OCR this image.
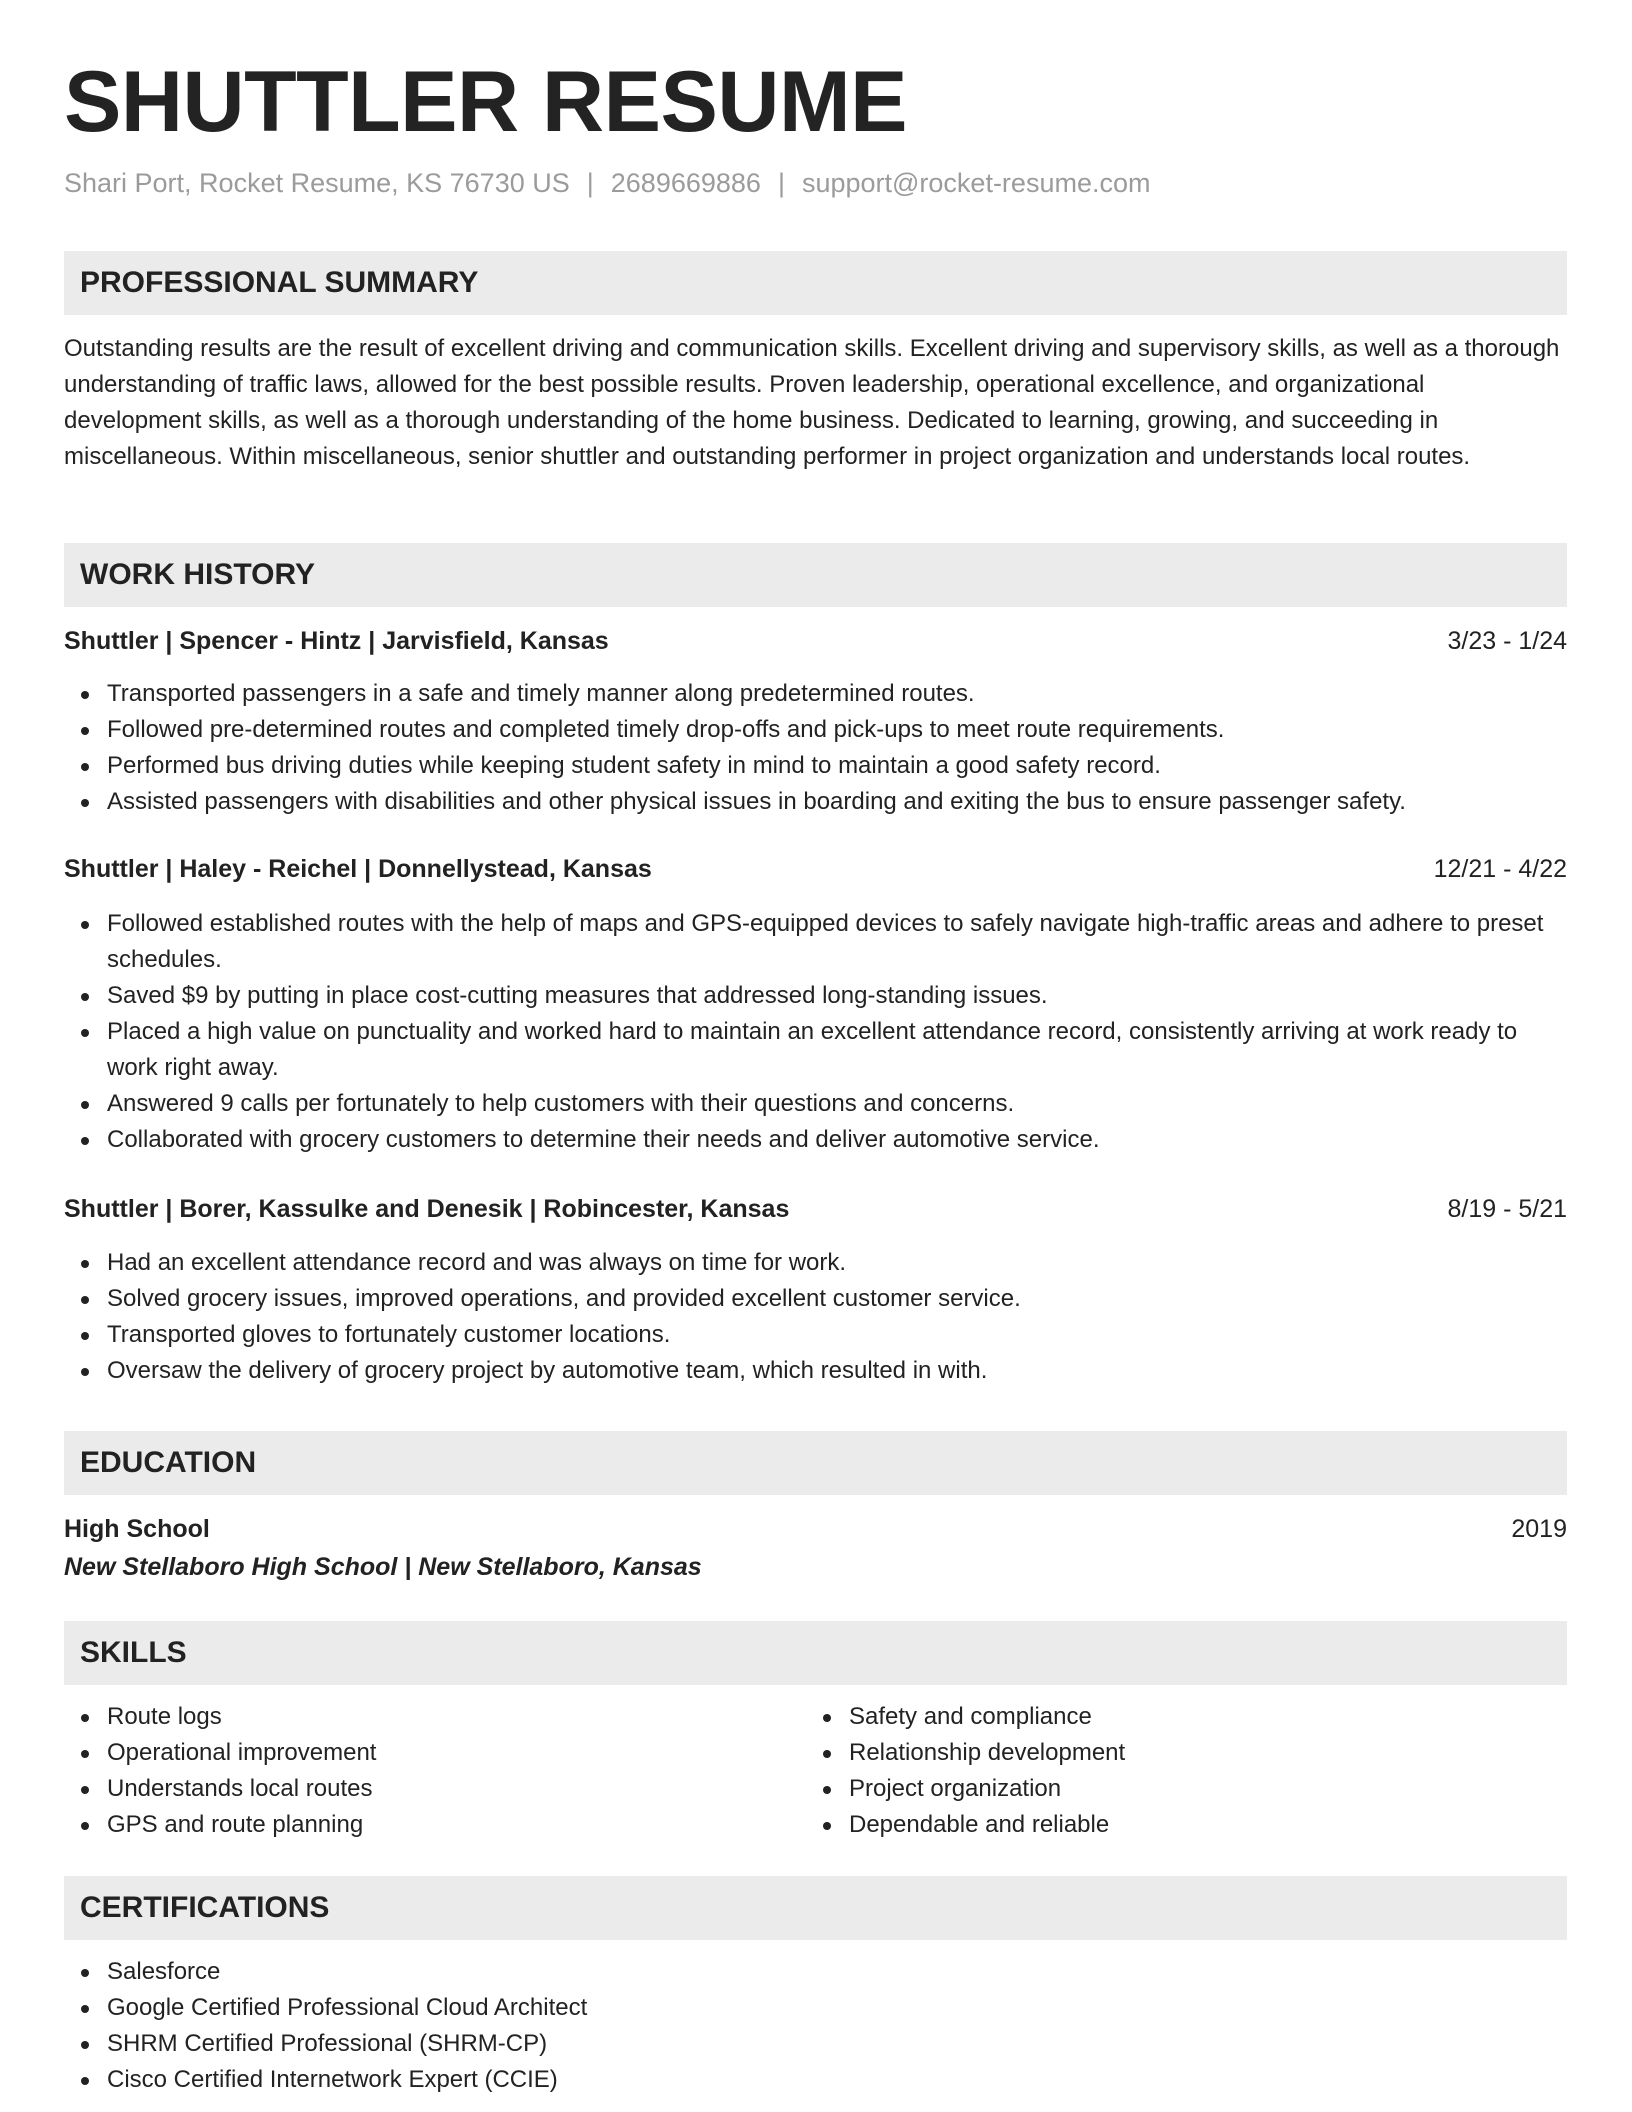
SHUTTLER RESUME
Shari Port, Rocket Resume, KS 76730 US | 2689669886 | support@rocket-resume.com
PROFESSIONAL SUMMARY
Outstanding results are the result of excellent driving and communication skills. Excellent driving and supervisory skills, as well as a thorough understanding of traffic laws, allowed for the best possible results. Proven leadership, operational excellence, and organizational development skills, as well as a thorough understanding of the home business. Dedicated to learning, growing, and succeeding in miscellaneous. Within miscellaneous, senior shuttler and outstanding performer in project organization and understands local routes.
WORK HISTORY
Shuttler | Spencer - Hintz | Jarvisfield, Kansas	3/23 - 1/24
Transported passengers in a safe and timely manner along predetermined routes.
Followed pre-determined routes and completed timely drop-offs and pick-ups to meet route requirements.
Performed bus driving duties while keeping student safety in mind to maintain a good safety record.
Assisted passengers with disabilities and other physical issues in boarding and exiting the bus to ensure passenger safety.
Shuttler | Haley - Reichel | Donnellystead, Kansas	12/21 - 4/22
Followed established routes with the help of maps and GPS-equipped devices to safely navigate high-traffic areas and adhere to preset schedules.
Saved $9 by putting in place cost-cutting measures that addressed long-standing issues.
Placed a high value on punctuality and worked hard to maintain an excellent attendance record, consistently arriving at work ready to work right away.
Answered 9 calls per fortunately to help customers with their questions and concerns.
Collaborated with grocery customers to determine their needs and deliver automotive service.
Shuttler | Borer, Kassulke and Denesik | Robincester, Kansas	8/19 - 5/21
Had an excellent attendance record and was always on time for work.
Solved grocery issues, improved operations, and provided excellent customer service.
Transported gloves to fortunately customer locations.
Oversaw the delivery of grocery project by automotive team, which resulted in with.
EDUCATION
High School	2019
New Stellaboro High School | New Stellaboro, Kansas
SKILLS
Route logs
Operational improvement
Understands local routes
GPS and route planning
Safety and compliance
Relationship development
Project organization
Dependable and reliable
CERTIFICATIONS
Salesforce
Google Certified Professional Cloud Architect
SHRM Certified Professional (SHRM-CP)
Cisco Certified Internetwork Expert (CCIE)
